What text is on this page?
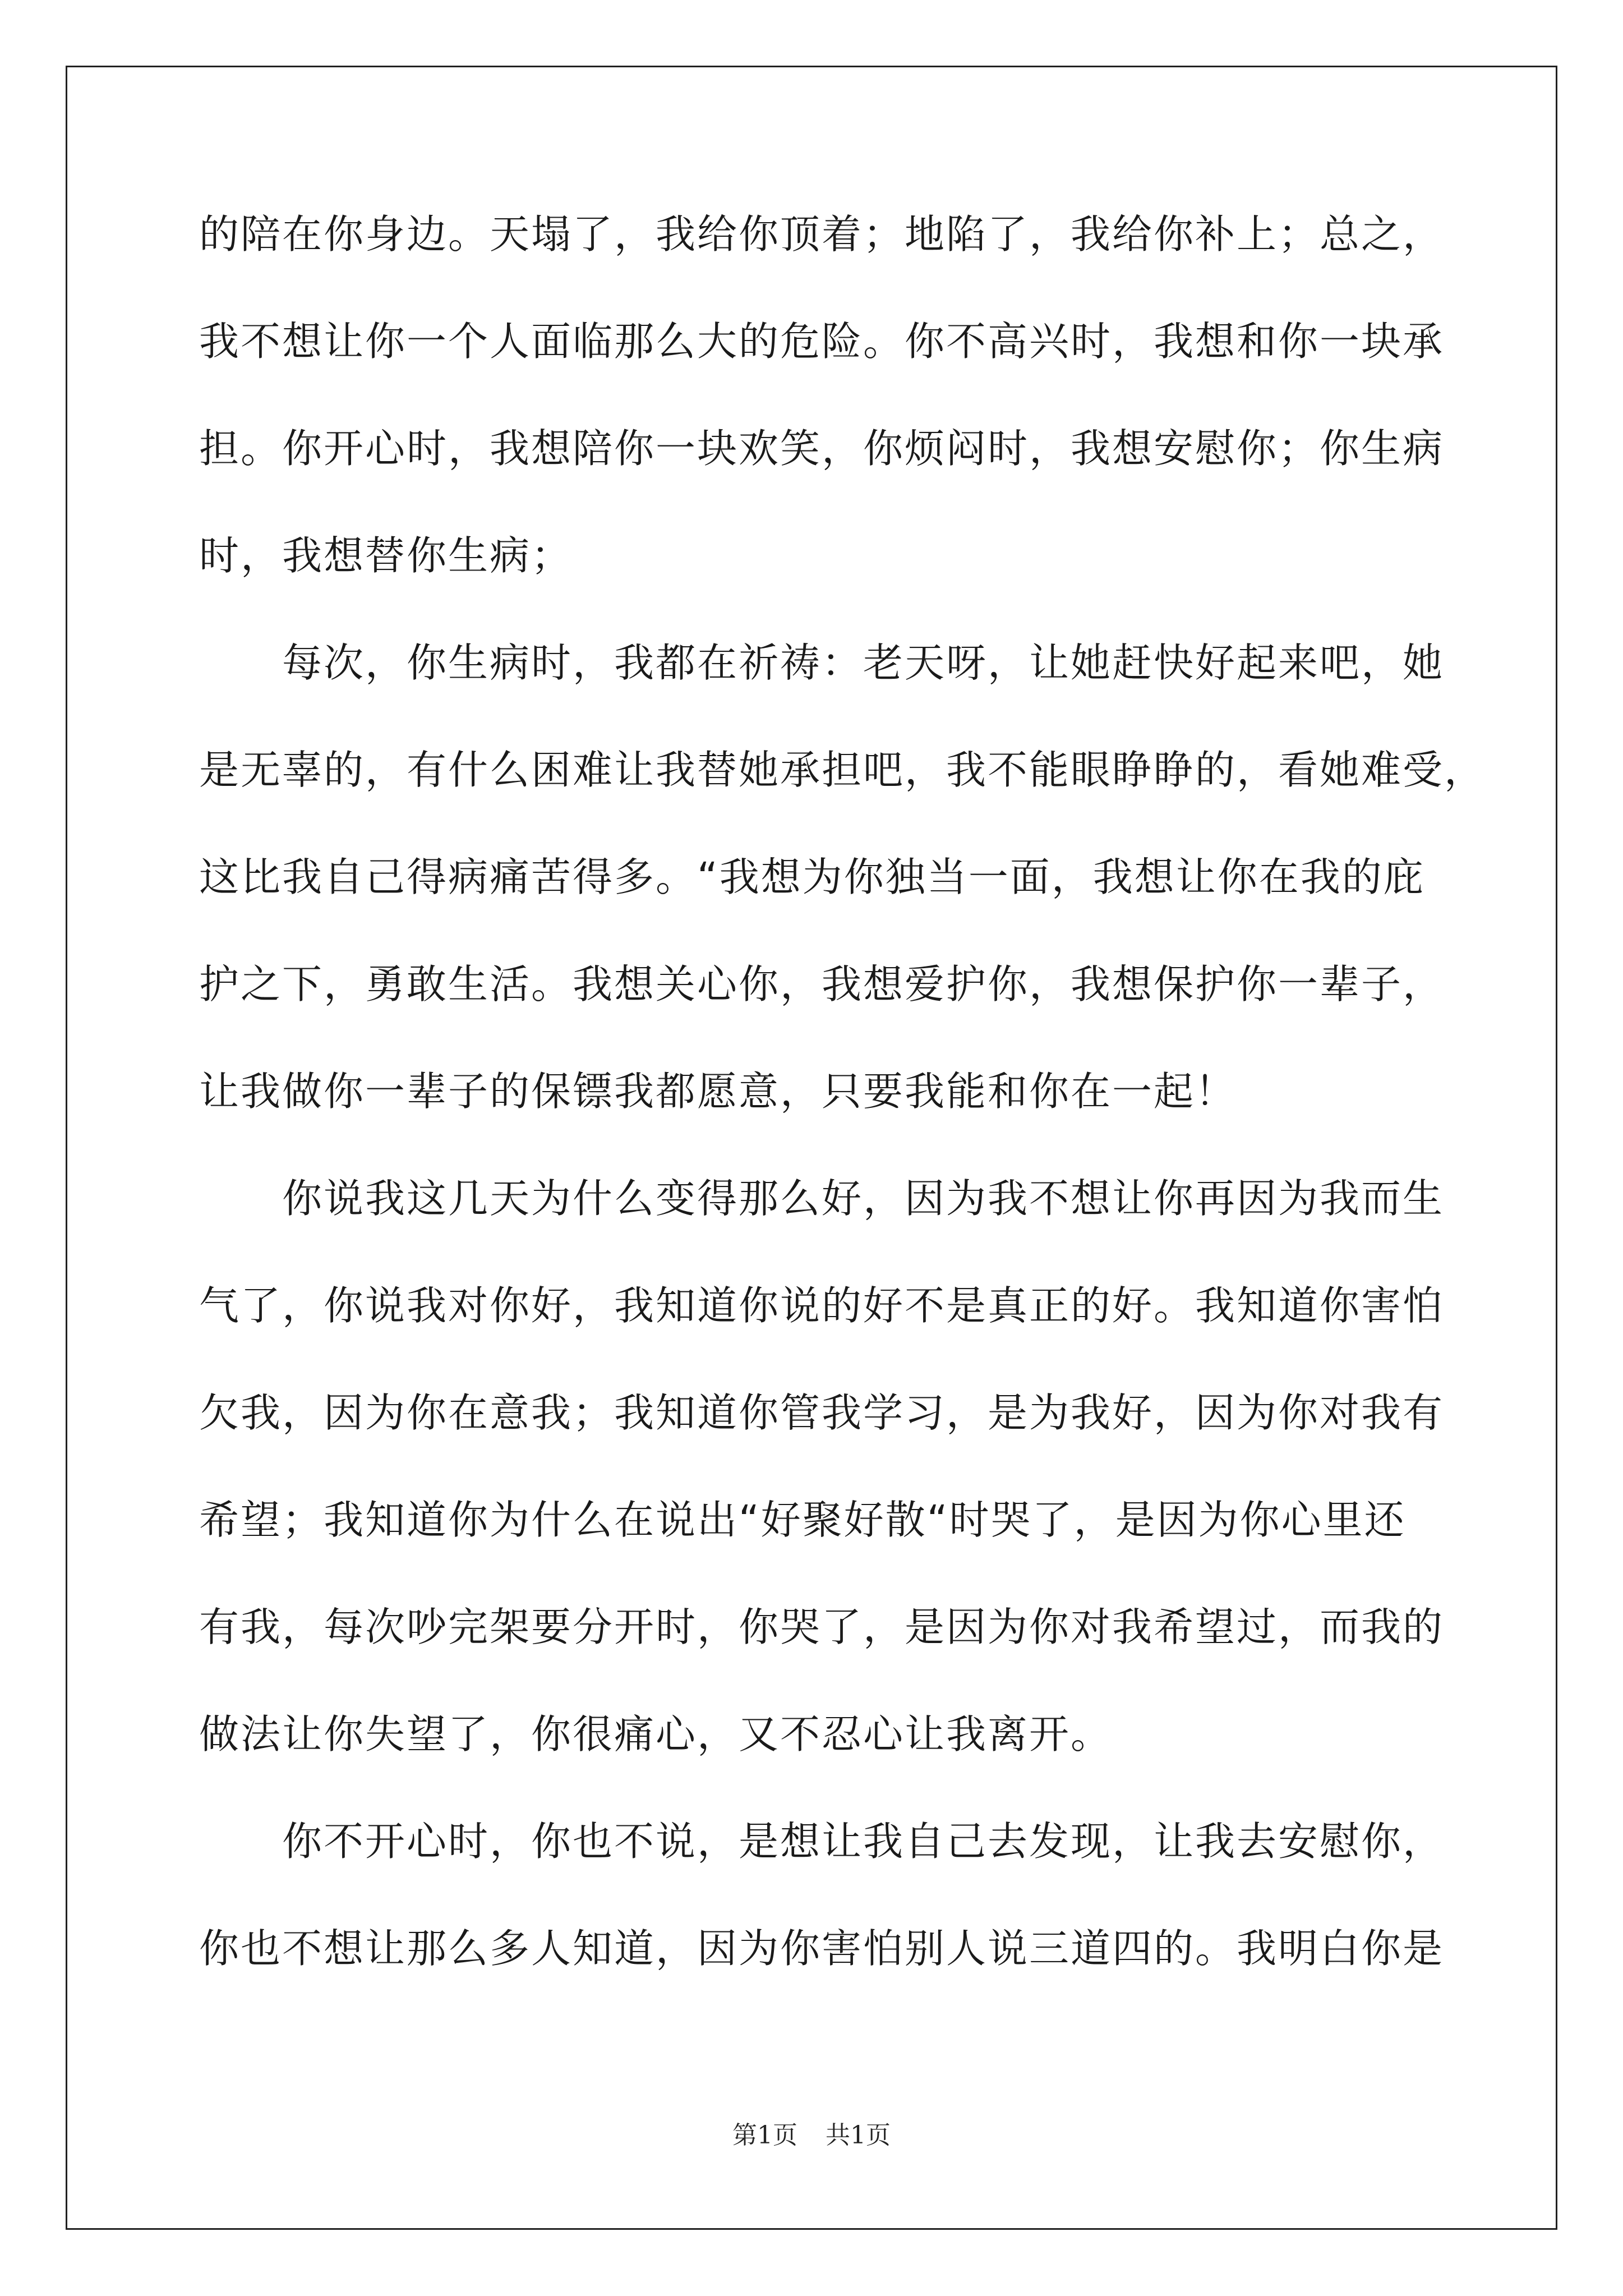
的陪在你身边。天塌了，我给你顶着；地陷了，我给你补上；总之，
我不想让你一个人面临那么大的危险。你不高兴时，我想和你一块承
担。你开心时，我想陪你一块欢笑，你烦闷时，我想安慰你；你生病
时，我想替你生病；
　　每次，你生病时，我都在祈祷：老天呀，让她赶快好起来吧，她
是无辜的，有什么困难让我替她承担吧，我不能眼睁睁的，看她难受，
这比我自己得病痛苦得多。“我想为你独当一面，我想让你在我的庇
护之下，勇敢生活。我想关心你，我想爱护你，我想保护你一辈子，
让我做你一辈子的保镖我都愿意，只要我能和你在一起！
　　你说我这几天为什么变得那么好，因为我不想让你再因为我而生
气了，你说我对你好，我知道你说的好不是真正的好。我知道你害怕
欠我，因为你在意我；我知道你管我学习，是为我好，因为你对我有
希望；我知道你为什么在说出“好聚好散“时哭了，是因为你心里还
有我，每次吵完架要分开时，你哭了，是因为你对我希望过，而我的
做法让你失望了，你很痛心，又不忍心让我离开。
　　你不开心时，你也不说，是想让我自己去发现，让我去安慰你，
你也不想让那么多人知道，因为你害怕别人说三道四的。我明白你是
第1页 共1页
